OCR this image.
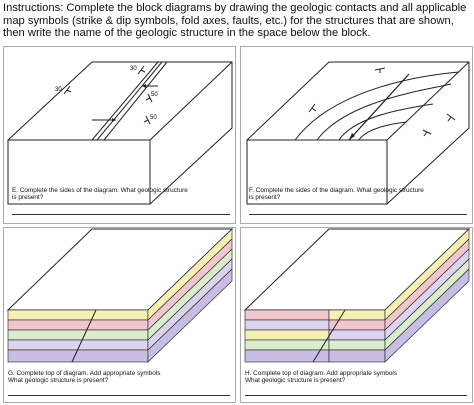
Instructions: Complete the block diagrams by drawing the geologic contacts and all applicable map symbols (strike & dip symbols, fold axes, faults, etc.) for the structures that are shown, then write the name of the geologic structure in the space below the block.
30
30
50
50
E. Complete the sides of the diagram. What geologic structure
is present?
F. Complete the sides of the diagram. What geologic structure
is present?
G. Complete top of diagram. Add appropriate symbols
What geologic structure is present?
H. Complete top of diagram. Add appropriate symbols
What geologic structure is present?
